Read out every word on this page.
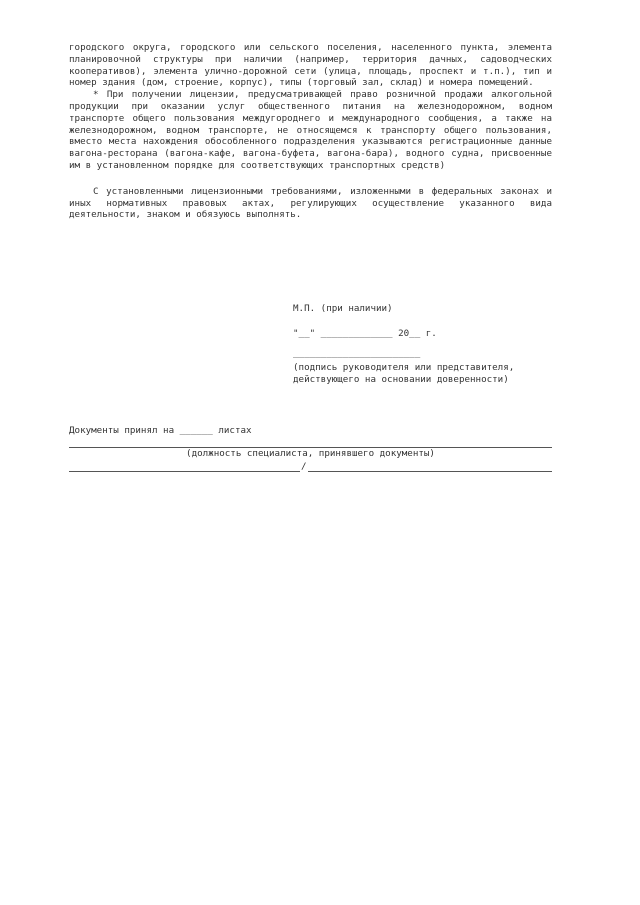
городского округа, городского или сельского поселения, населенного пункта, элемента планировочной структуры при наличии (например, территория дачных, садоводческих кооперативов), элемента улично-дорожной сети (улица, площадь, проспект и т.п.), тип и номер здания (дом, строение, корпус), типы (торговый зал, склад) и номера помещений.

* При получении лицензии, предусматривающей право розничной продажи алкогольной продукции при оказании услуг общественного питания на железнодорожном, водном транспорте общего пользования междугороднего и международного сообщения, а также на железнодорожном, водном транспорте, не относящемся к транспорту общего пользования, вместо места нахождения обособленного подразделения указываются регистрационные данные вагона-ресторана (вагона-кафе, вагона-буфета, вагона-бара), водного судна, присвоенные им в установленном порядке для соответствующих транспортных средств)

С установленными лицензионными требованиями, изложенными в федеральных законах и иных нормативных правовых актах, регулирующих осуществление указанного вида деятельности, знаком и обязуюсь выполнять.

М.П. (при наличии)
"__" _____________ 20__ г.
_______________________
(подпись руководителя или представителя,
действующего на основании доверенности)
Документы принял на ______ листах
(должность специалиста, принявшего документы)
/
